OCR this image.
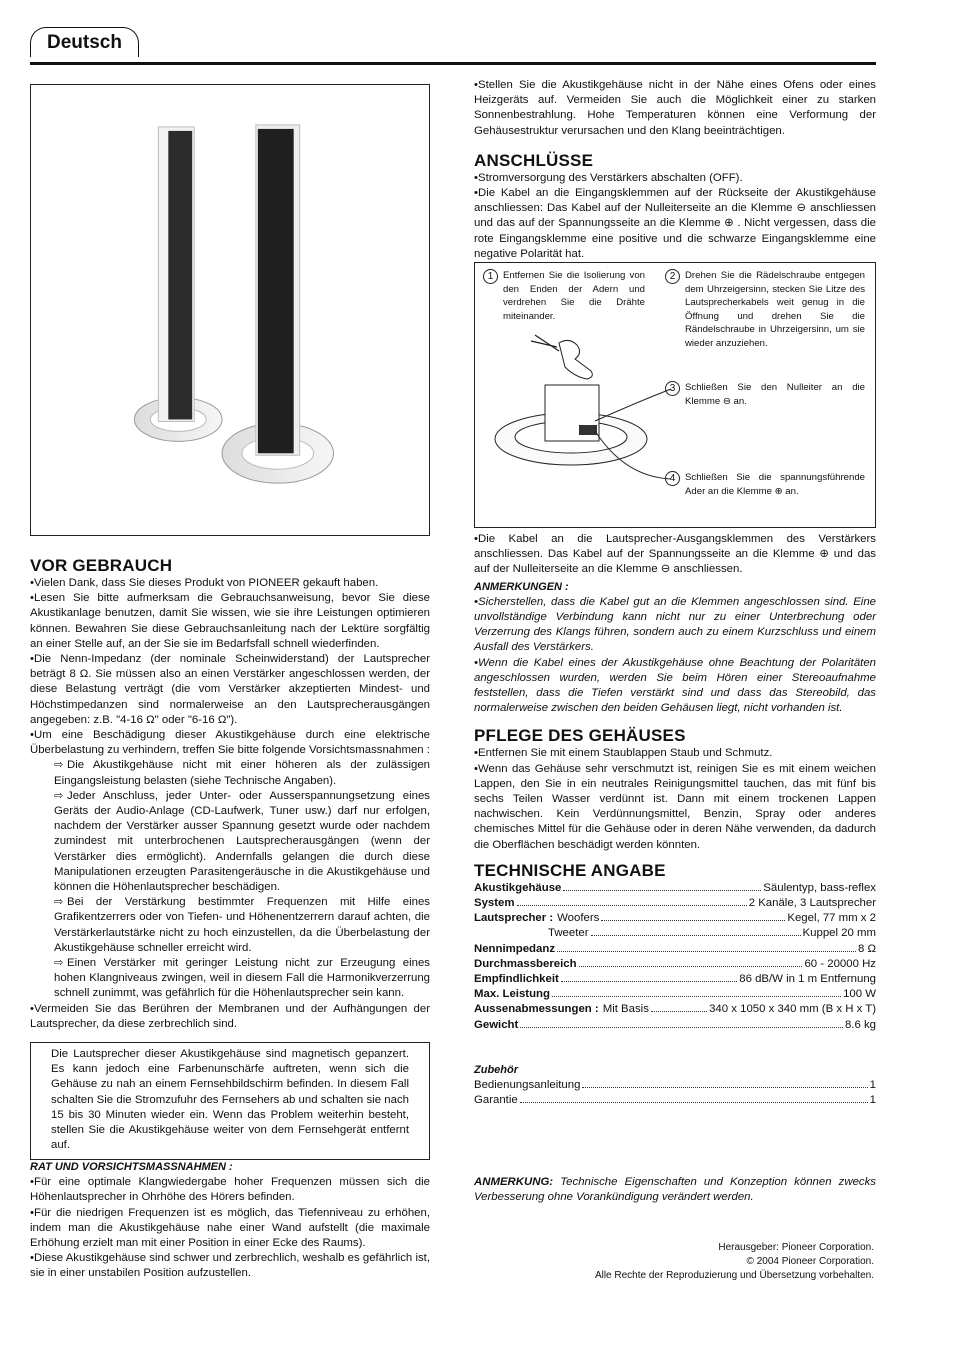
Deutsch
VOR GEBRAUCH

• Vielen Dank, dass Sie dieses Produkt von PIONEER gekauft haben.

• Lesen Sie bitte aufmerksam die Gebrauchsanweisung, bevor Sie diese Akustikanlage benutzen, damit Sie wissen, wie sie ihre Leistungen optimieren können. Bewahren Sie diese Gebrauchsanleitung nach der Lektüre sorgfältig an einer Stelle auf, an der Sie sie im Bedarfsfall schnell wiederfinden.

• Die Nenn-Impedanz (der nominale Scheinwiderstand) der Lautsprecher beträgt 8 Ω. Sie müssen also an einen Verstärker angeschlossen werden, der diese Belastung verträgt (die vom Verstärker akzeptierten Mindest- und Höchstimpedanzen sind normalerweise an den Lautsprecherausgängen angegeben: z.B. "4-16 Ω" oder "6-16 Ω").

• Um eine Beschädigung dieser Akustikgehäuse durch eine elektrische Überbelastung zu verhindern, treffen Sie bitte folgende Vorsichtsmassnahmen :

⇨ Die Akustikgehäuse nicht mit einer höheren als der zulässigen Eingangsleistung belasten (siehe Technische Angaben).

⇨ Jeder Anschluss, jeder Unter- oder Ausserspannungsetzung eines Geräts der Audio-Anlage (CD-Laufwerk, Tuner usw.) darf nur erfolgen, nachdem der Verstärker ausser Spannung gesetzt wurde oder nachdem zumindest mit unterbrochenen Lautsprecherausgängen (wenn der Verstärker dies ermöglicht). Andernfalls gelangen die durch diese Manipulationen erzeugten Parasitengeräusche in die Akustikgehäuse und können die Höhenlautsprecher beschädigen.

⇨ Bei der Verstärkung bestimmter Frequenzen mit Hilfe eines Grafikentzerrers oder von Tiefen- und Höhenentzerrern darauf achten, die Verstärkerlautstärke nicht zu hoch einzustellen, da die Überbelastung der Akustikgehäuse schneller erreicht wird.

⇨ Einen Verstärker mit geringer Leistung nicht zur Erzeugung eines hohen Klangniveaus zwingen, weil in diesem Fall die Harmonikverzerrung schnell zunimmt, was gefährlich für die Höhenlautsprecher sein kann.

• Vermeiden Sie das Berühren der Membranen und der Aufhängungen der Lautsprecher, da diese zerbrechlich sind.

Die Lautsprecher dieser Akustikgehäuse sind magnetisch gepanzert. Es kann jedoch eine Farbenunschärfe auftreten, wenn sich die Gehäuse zu nah an einem Fernsehbildschirm befinden. In diesem Fall schalten Sie die Stromzufuhr des Fernsehers ab und schalten sie nach 15 bis 30 Minuten wieder ein. Wenn das Problem weiterhin besteht, stellen Sie die Akustikgehäuse weiter von dem Fernsehgerät entfernt auf.

RAT UND VORSICHTSMASSNAHMEN :

• Für eine optimale Klangwiedergabe hoher Frequenzen müssen sich die Höhenlautsprecher in Ohrhöhe des Hörers befinden.

• Für die niedrigen Frequenzen ist es möglich, das Tiefenniveau zu erhöhen, indem man die Akustikgehäuse nahe einer Wand aufstellt (die maximale Erhöhung erzielt man mit einer Position in einer Ecke des Raums).

• Diese Akustikgehäuse sind schwer und zerbrechlich, weshalb es gefährlich ist, sie in einer unstabilen Position aufzustellen.

• Stellen Sie die Akustikgehäuse nicht in der Nähe eines Ofens oder eines Heizgeräts auf. Vermeiden Sie auch die Möglichkeit einer zu starken Sonnenbestrahlung. Hohe Temperaturen können eine Verformung der Gehäusestruktur verursachen und den Klang beeinträchtigen.

ANSCHLÜSSE

• Stromversorgung des Verstärkers abschalten (OFF).

• Die Kabel an die Eingangsklemmen auf der Rückseite der Akustikgehäuse anschliessen: Das Kabel auf der Nulleiterseite an die Klemme ⊖ anschliessen und das auf der Spannungsseite an die Klemme ⊕ . Nicht vergessen, dass die rote Eingangsklemme eine positive und die schwarze Eingangsklemme eine negative Polarität hat.

1	Entfernen Sie die Isolierung von den Enden der Adern und verdrehen Sie die Drähte miteinander.
2	Drehen Sie die Rädelschraube entgegen dem Uhrzeigersinn, stecken Sie Litze des Lautsprecherkabels weit genug in die Öffnung und drehen Sie die Rändelschraube in Uhrzeigersinn, um sie wieder anzuziehen.
3	Schließen Sie den Nulleiter an die Klemme ⊖ an.
4	Schließen Sie die spannungsführende Ader an die Klemme ⊕ an.

• Die Kabel an die Lautsprecher-Ausgangsklemmen des Verstärkers anschliessen. Das Kabel auf der Spannungsseite an die Klemme ⊕ und das auf der Nulleiterseite an die Klemme ⊖ anschliessen.

ANMERKUNGEN :

• Sicherstellen, dass die Kabel gut an die Klemmen angeschlossen sind. Eine unvollständige Verbindung kann nicht nur zu einer Unterbrechung oder Verzerrung des Klangs führen, sondern auch zu einem Kurzschluss und einem Ausfall des Verstärkers.

• Wenn die Kabel eines der Akustikgehäuse ohne Beachtung der Polaritäten angeschlossen wurden, werden Sie beim Hören einer Stereoaufnahme feststellen, dass die Tiefen verstärkt sind und dass das Stereobild, das normalerweise zwischen den beiden Gehäusen liegt, nicht vorhanden ist.

PFLEGE DES GEHÄUSES

• Entfernen Sie mit einem Staublappen Staub und Schmutz.

• Wenn das Gehäuse sehr verschmutzt ist, reinigen Sie es mit einem weichen Lappen, den Sie in ein neutrales Reinigungsmittel tauchen, das mit fünf bis sechs Teilen Wasser verdünnt ist. Dann mit einem trockenen Lappen nachwischen. Kein Verdünnungsmittel, Benzin, Spray oder anderes chemisches Mittel für die Gehäuse oder in deren Nähe verwenden, da dadurch die Oberflächen beschädigt werden könnten.

TECHNISCHE ANGABE
Akustikgehäuse	Säulentyp, bass-reflex
System	2 Kanäle, 3 Lautsprecher
Lautsprecher : Woofers	Kegel, 77 mm x 2
Tweeter	Kuppel 20 mm
Nennimpedanz	8 Ω
Durchmassbereich	60 - 20000 Hz
Empfindlichkeit	86 dB/W in 1 m Entfernung
Max. Leistung	100 W
Aussenabmessungen : Mit Basis	340 x 1050 x 340 mm (B x H x T)
Gewicht	8.6 kg
Zubehör
Bedienungsanleitung	1
Garantie	1

ANMERKUNG: Technische Eigenschaften und Konzeption können zwecks Verbesserung ohne Vorankündigung verändert werden.

Herausgeber: Pioneer Corporation.
© 2004 Pioneer Corporation.
Alle Rechte der Reproduzierung und Übersetzung vorbehalten.
